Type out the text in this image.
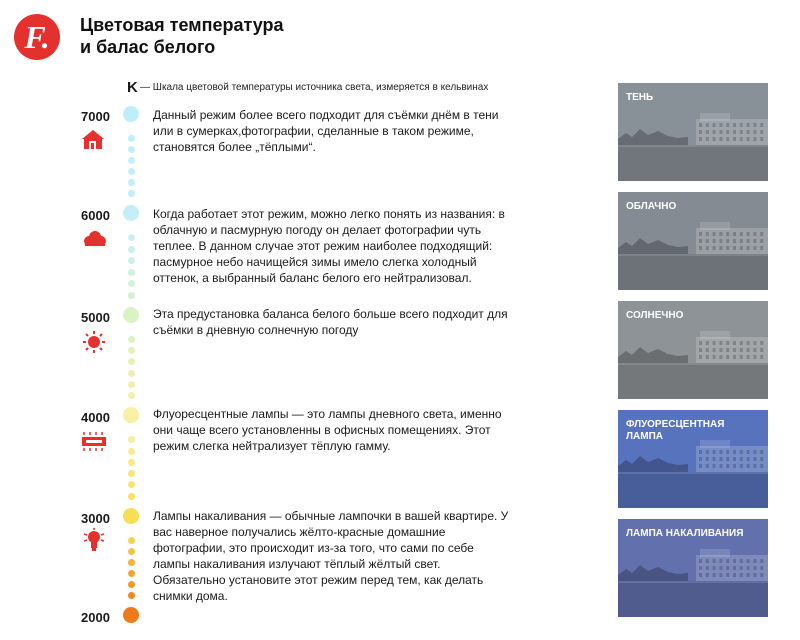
F.	Цветовая температура
и балас белого
K — Шкала цветовой температуры источника света, измеряется в кельвинах
7000
6000
5000
4000
3000
2000
Данный режим более всего подходит для съёмки днём в тени или в сумерках,фотографии, сделанные в таком режиме, становятся более „тёплыми“.
Когда работает этот режим, можно легко понять из названия: в облачную и пасмурную погоду он делает фотографии чуть теплее. В данном случае этот режим наиболее подходящий: пасмурное небо начищейся зимы имело слегка холодный оттенок, а выбранный баланс белого его нейтрализовал.
Эта предустановка баланса белого больше всего подходит для съёмки в дневную солнечную погоду
Флуоресцентные лампы — это лампы дневного света, именно они чаще всего установленны в офисных помещениях. Этот режим слегка нейтрализует тёплую гамму.
Лампы накаливания — обычные лампочки в вашей квартире. У вас наверное получались жёлто-красные домашние фотографии, это происходит из-за того, что сами по себе лампы накаливания излучают тёплый жёлтый свет. Обязательно установите этот режим перед тем, как делать снимки дома.
ТЕНЬ
ОБЛАЧНО
СОЛНЕЧНО
ФЛУОРЕСЦЕНТНАЯ ЛАМПА
ЛАМПА НАКАЛИВАНИЯ
